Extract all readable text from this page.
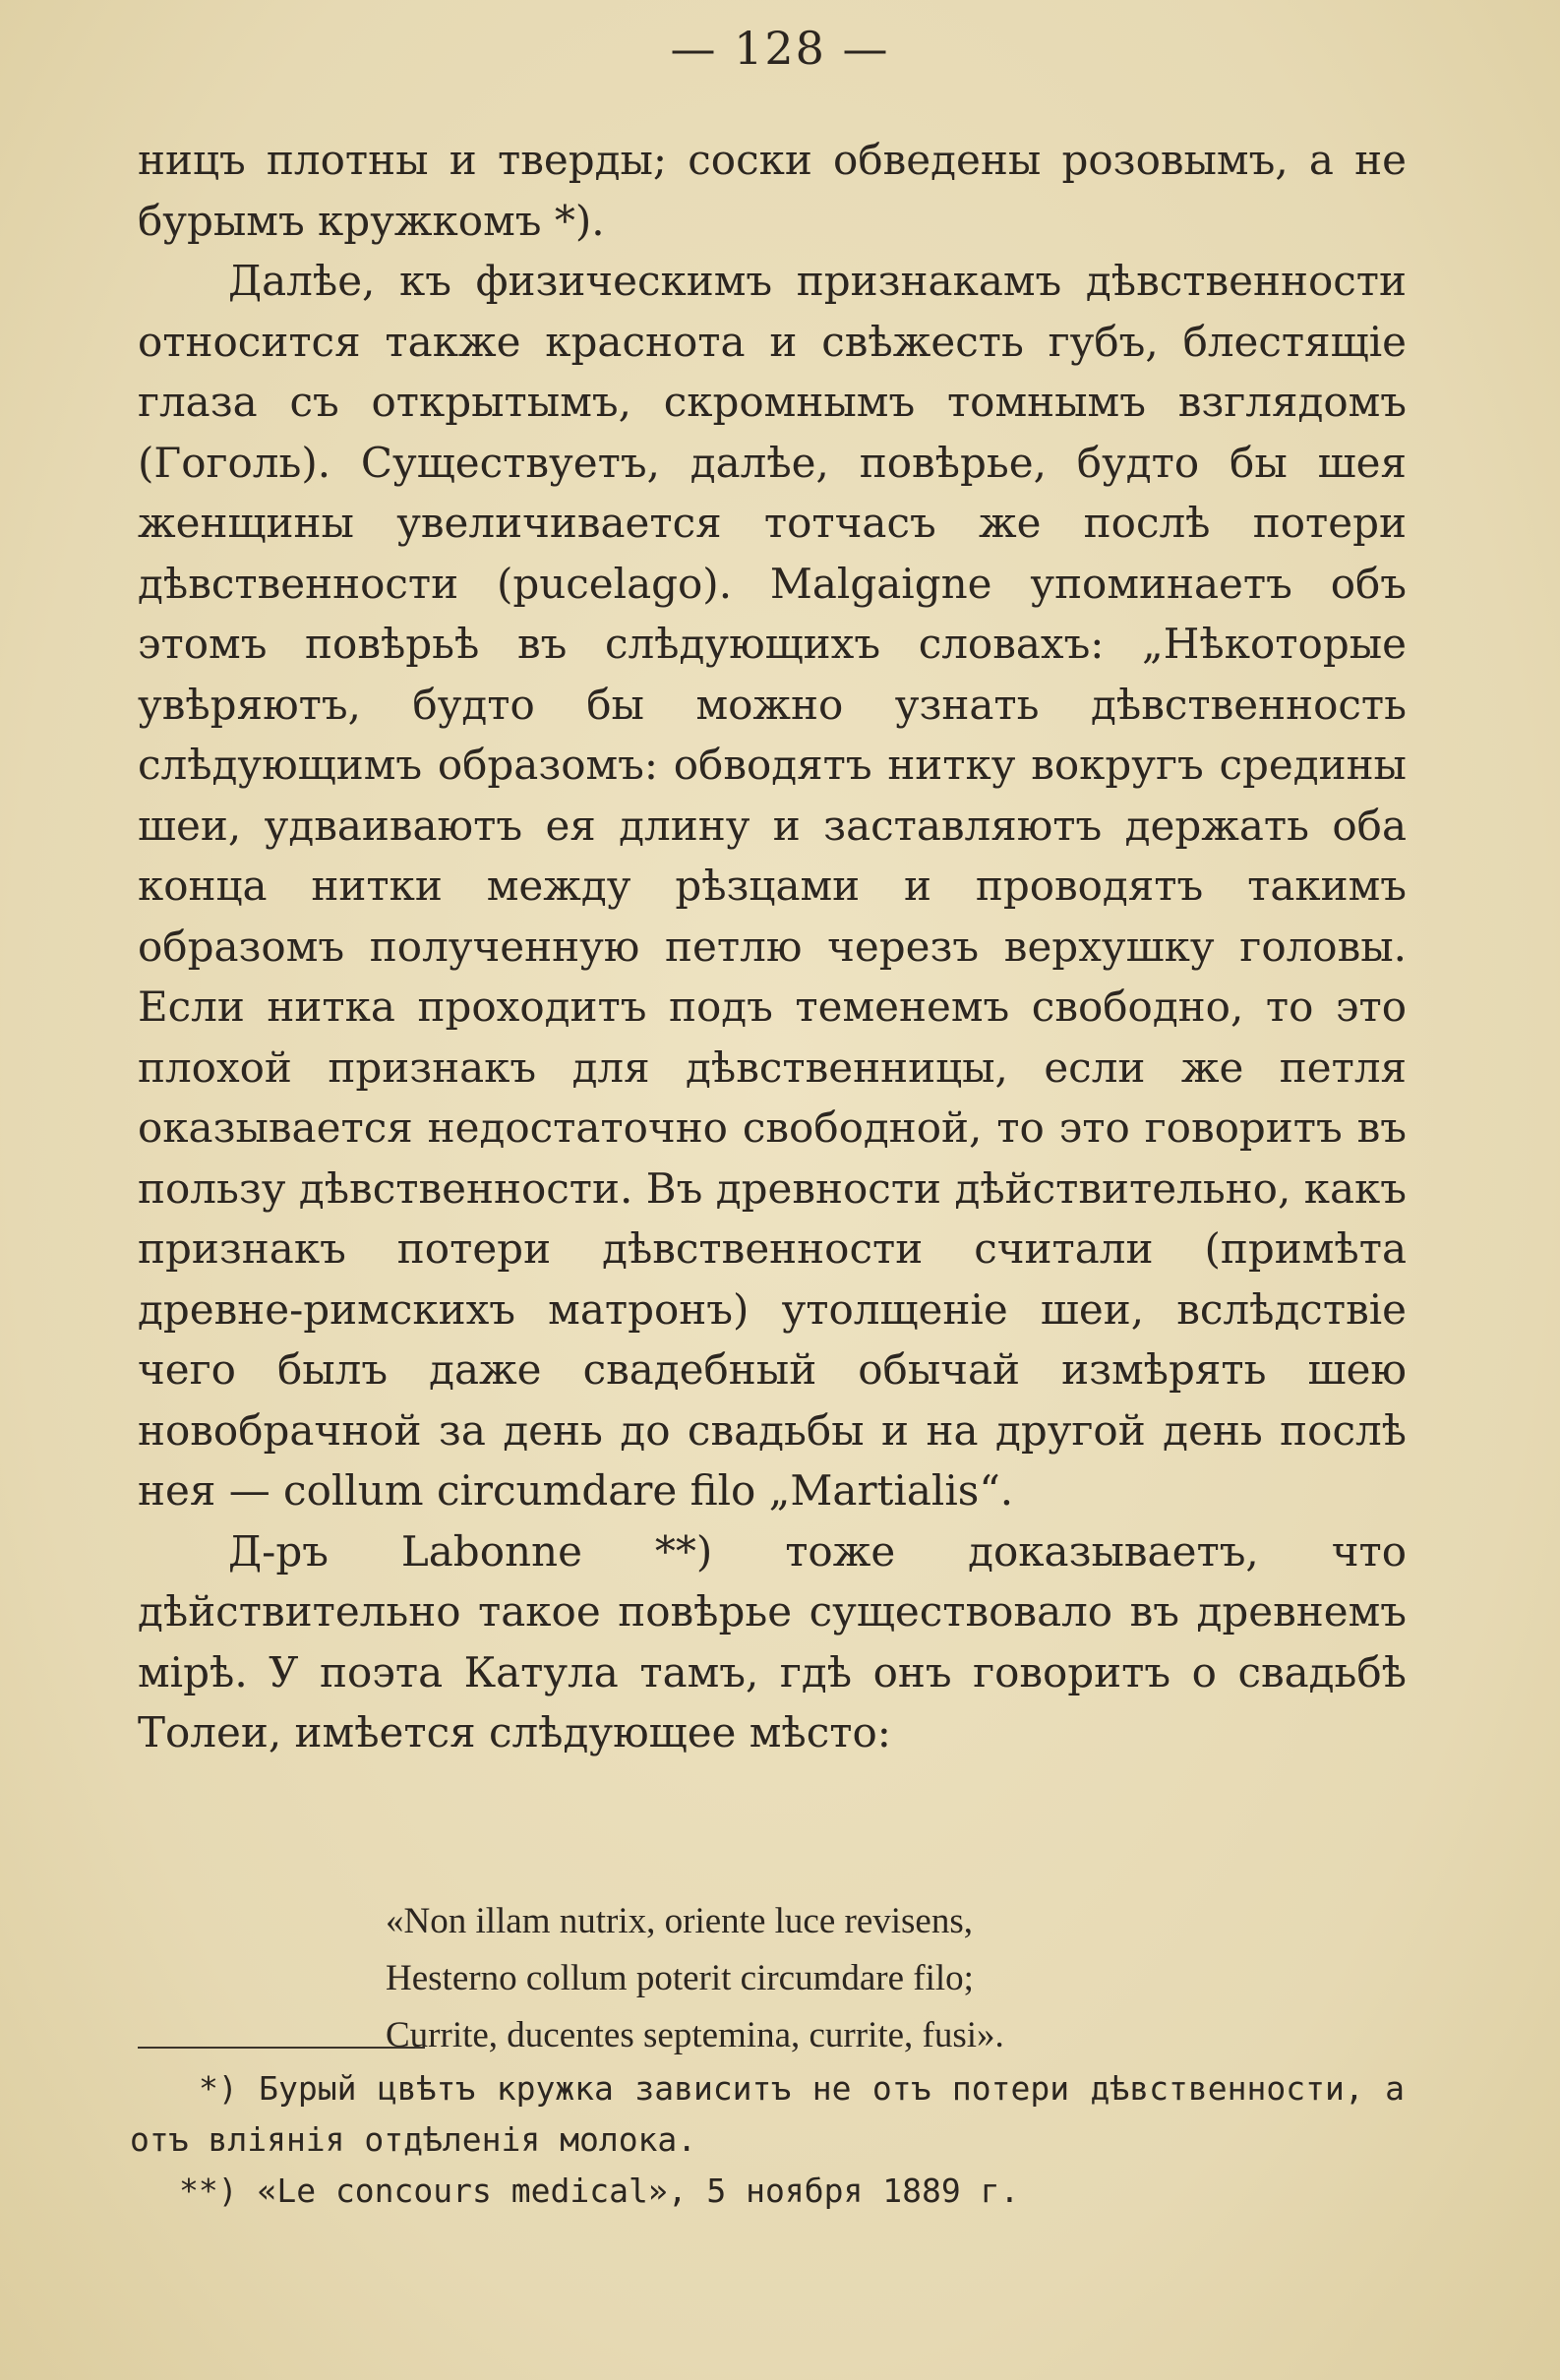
— 128 —

ницъ плотны и тверды; соски обведены розовымъ, а не бурымъ кружкомъ *).

Далѣе, къ физическимъ признакамъ дѣвственности относится также краснота и свѣжесть губъ, блестящіе глаза съ открытымъ, скромнымъ томнымъ взглядомъ (Гоголь). Существуетъ, далѣе, повѣрье, будто бы шея женщины увеличивается тотчасъ же послѣ потери дѣвственности (pucelago). Malgaigne упоминаетъ объ этомъ повѣрьѣ въ слѣдующихъ словахъ: „Нѣкоторые увѣряютъ, будто бы можно узнать дѣвственность слѣдующимъ образомъ: обводятъ нитку вокругъ средины шеи, удваиваютъ ея длину и заставляютъ держать оба конца нитки между рѣзцами и проводятъ такимъ образомъ полученную петлю черезъ верхушку головы. Если нитка проходитъ подъ теменемъ свободно, то это плохой признакъ для дѣвственницы, если же петля оказывается недостаточно свободной, то это говоритъ въ пользу дѣвственности. Въ древности дѣйствительно, какъ признакъ потери дѣвственности считали (примѣта древне-римскихъ матронъ) утолщеніе шеи, вслѣдствіе чего былъ даже свадебный обычай измѣрять шею новобрачной за день до свадьбы и на другой день послѣ нея — collum circumdare filo „Martialis“.

Д-ръ Labonne **) тоже доказываетъ, что дѣйствительно такое повѣрье существовало въ древнемъ мірѣ. У поэта Катула тамъ, гдѣ онъ говоритъ о свадьбѣ Толеи, имѣется слѣдующее мѣсто:

«Non illam nutrix, oriente luce revisens,
Hesterno collum poterit circumdare filo;
Currite, ducentes septemina, currite, fusi».

*) Бурый цвѣтъ кружка зависитъ не отъ потери дѣвственности, а отъ вліянія отдѣленія молока.

**) «Le concours medical», 5 ноября 1889 г.
